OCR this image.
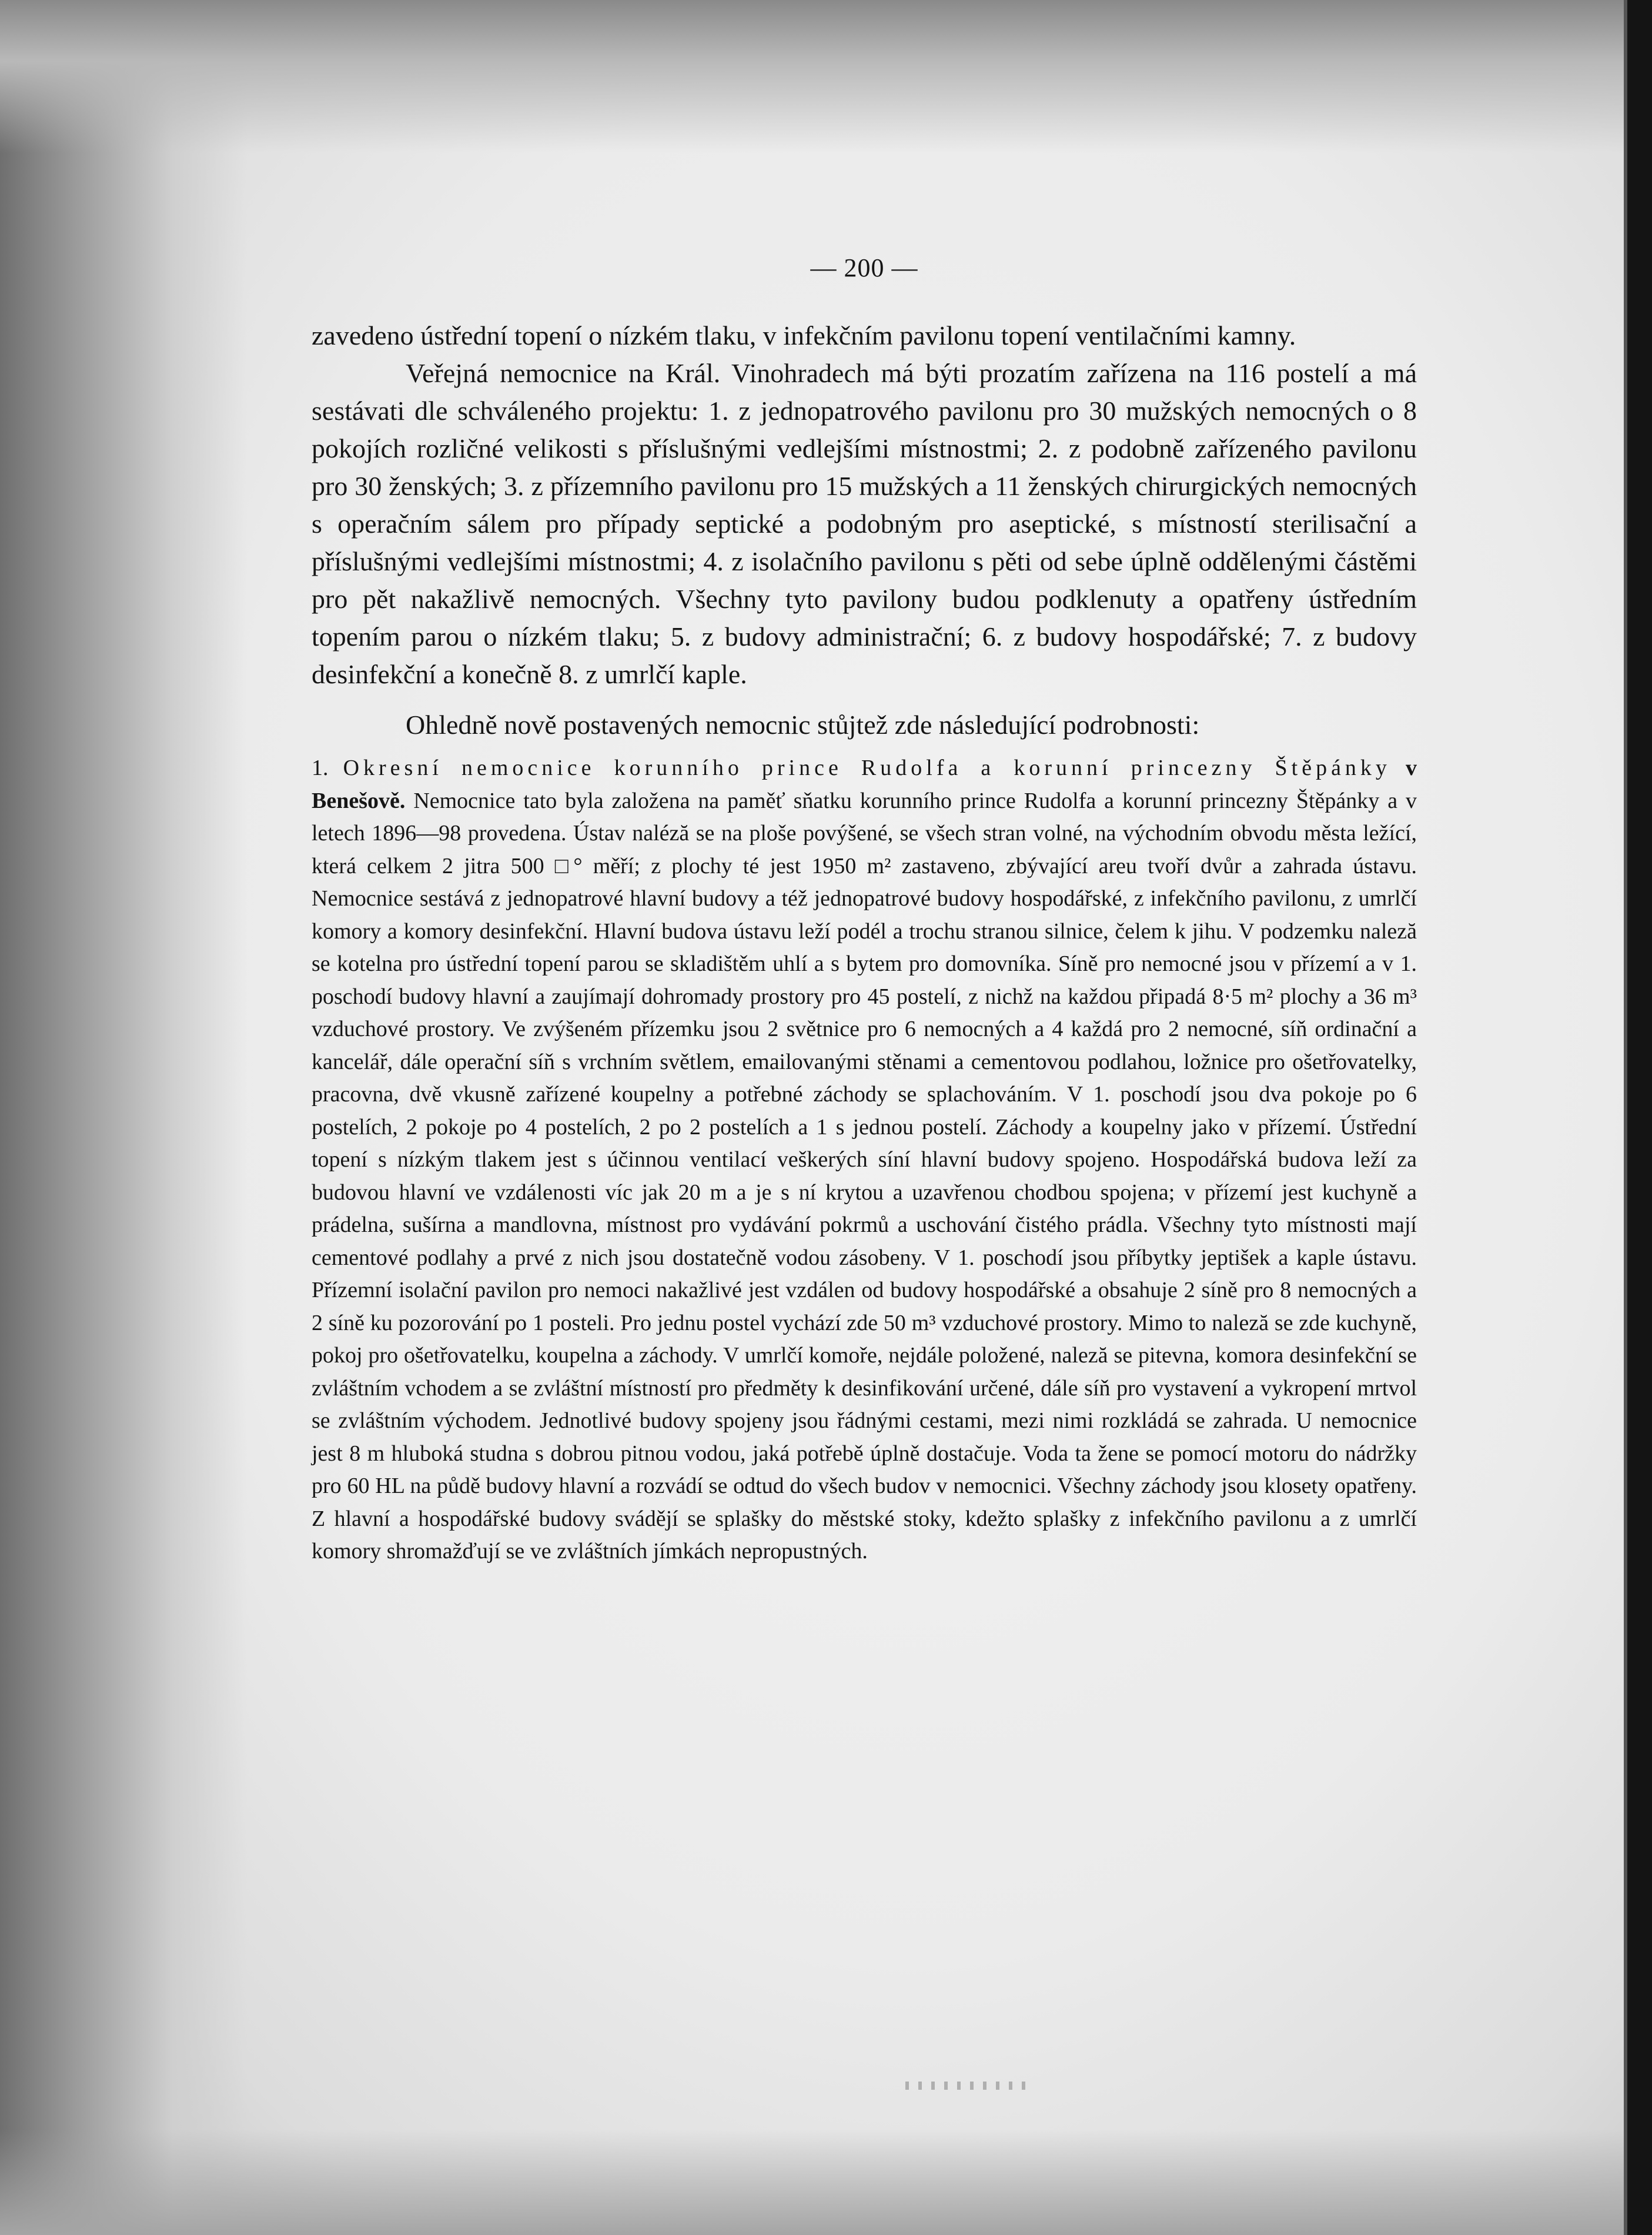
— 200 —

zavedeno ústřední topení o nízkém tlaku, v infekčním pavilonu topení ventilačními kamny.

Veřejná nemocnice na Král. Vinohradech má býti prozatím zařízena na 116 postelí a má sestávati dle schváleného projektu: 1. z jednopatrového pavilonu pro 30 mužských nemocných o 8 pokojích rozličné velikosti s příslušnými vedlejšími místnostmi; 2. z podobně zařízeného pavilonu pro 30 ženských; 3. z přízemního pavilonu pro 15 mužských a 11 ženských chirurgických nemocných s operačním sálem pro případy septické a podobným pro aseptické, s místností sterilisační a příslušnými vedlejšími místnostmi; 4. z isolačního pavilonu s pěti od sebe úplně oddělenými částěmi pro pět nakažlivě nemocných. Všechny tyto pavilony budou podklenuty a opatřeny ústředním topením parou o nízkém tlaku; 5. z budovy administrační; 6. z budovy hospodářské; 7. z budovy desinfekční a konečně 8. z umrlčí kaple.

Ohledně nově postavených nemocnic stůjtež zde následující podrobnosti:

1. Okresní nemocnice korunního prince Rudolfa a korunní princezny Štěpánky v Benešově. Nemocnice tato byla založena na paměť sňatku korunního prince Rudolfa a korunní princezny Štěpánky a v letech 1896—98 provedena. Ústav naléză se na ploše povýšené, se všech stran volné, na východním obvodu města ležící, která celkem 2 jitra 500 □° měří; z plochy té jest 1950 m² zastaveno, zbývající areu tvoří dvůr a zahrada ústavu. Nemocnice sestává z jednopatrové hlavní budovy a též jednopatrové budovy hospodářské, z infekčního pavilonu, z umrlčí komory a komory desinfekční. Hlavní budova ústavu leží podél a trochu stranou silnice, čelem k jihu. V podzemku naleză se kotelna pro ústřední topení parou se skladištěm uhlí a s bytem pro domovníka. Síně pro nemocné jsou v přízemí a v 1. poschodí budovy hlavní a zaujímají dohromady prostory pro 45 postelí, z nichž na každou připadá 8·5 m² plochy a 36 m³ vzduchové prostory. Ve zvýšeném přízemku jsou 2 světnice pro 6 nemocných a 4 každá pro 2 nemocné, síň ordinační a kancelář, dále operační síň s vrchním světlem, emailovanými stěnami a cementovou podlahou, ložnice pro ošetřovatelky, pracovna, dvě vkusně zařízené koupelny a potřebné záchody se splachováním. V 1. poschodí jsou dva pokoje po 6 postelích, 2 pokoje po 4 postelích, 2 po 2 postelích a 1 s jednou postelí. Záchody a koupelny jako v přízemí. Ústřední topení s nízkým tlakem jest s účinnou ventilací veškerých síní hlavní budovy spojeno. Hospodářská budova leží za budovou hlavní ve vzdálenosti víc jak 20 m a je s ní krytou a uzavřenou chodbou spojena; v přízemí jest kuchyně a prádelna, sušírna a mandlovna, místnost pro vydávání pokrmů a uschování čistého prádla. Všechny tyto místnosti mají cementové podlahy a prvé z nich jsou dostatečně vodou zásobeny. V 1. poschodí jsou příbytky jeptišek a kaple ústavu. Přízemní isolační pavilon pro nemoci nakažlivé jest vzdálen od budovy hospodářské a obsahuje 2 síně pro 8 nemocných a 2 síně ku pozorování po 1 posteli. Pro jednu postel vychází zde 50 m³ vzduchové prostory. Mimo to naleză se zde kuchyně, pokoj pro ošetřovatelku, koupelna a záchody. V umrlčí komoře, nejdále položené, naleză se pitevna, komora desinfekční se zvláštním vchodem a se zvláštní místností pro předměty k desinfikování určené, dále síň pro vystavení a vykropení mrtvol se zvláštním východem. Jednotlivé budovy spojeny jsou řádnými cestami, mezi nimi rozkládá se zahrada. U nemocnice jest 8 m hluboká studna s dobrou pitnou vodou, jaká potřebě úplně dostačuje. Voda ta žene se pomocí motoru do nádržky pro 60 HL na půdě budovy hlavní a rozvádí se odtud do všech budov v nemocnici. Všechny záchody jsou klosety opatřeny. Z hlavní a hospodářské budovy svádějí se splašky do městské stoky, kdežto splašky z infekčního pavilonu a z umrlčí komory shromažďují se ve zvláštních jímkách nepropustných.
